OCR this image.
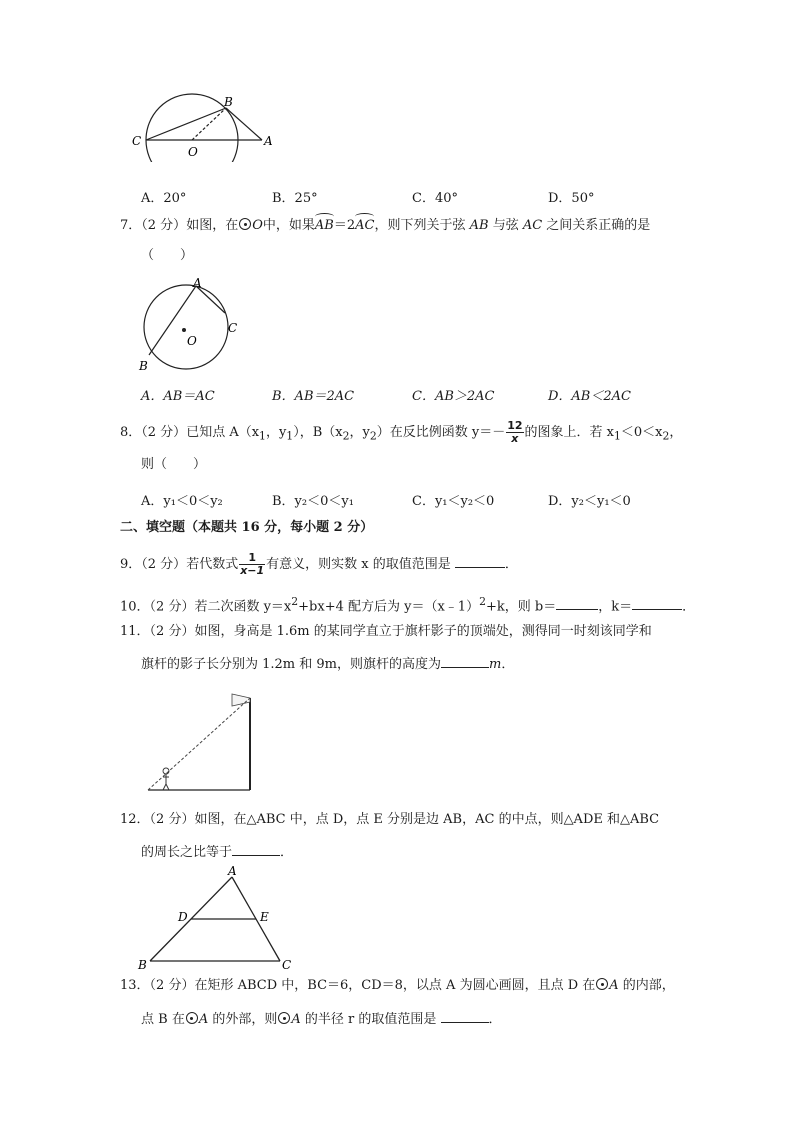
C
B
O
A
A．20°	B．25°	C．40°	D．50°
7．（2 分）如图，在 O中，如果AB＝2AC，则下列关于弦 AB 与弦 AC 之间关系正确的是
（　　）
A
B
C
O
A．AB＝AC	B．AB＝2AC	C．AB＞2AC	D．AB＜2AC
8．（2 分）已知点 $A(x_1$，$y_1$），$B(x_2$，$y_2$）在反比例函数 $y=- \frac{12}{x}$ 的图象上．若 $x_1<0<x_2$，
则（　　）
A．y₁＜0＜y₂	B．y₂＜0＜y₁	C．y₁＜y₂＜0	D．y₂＜y₁＜0
二、填空题（本题共 16 分，每小题 2 分）
9．（2 分）若代数式 $\frac{1}{x-1}$ 有意义，则实数 x 的取值范围是	．
10．（2 分）若二次函数 $y=x^2+bx+4$ 配方后为 y＝（x﹣1）$^2$+k，则 b＝	，k＝	．
11．（2 分）如图，身高是 1.6m 的某同学直立于旗杆影子的顶端处，测得同一时刻该同学和
旗杆的影子长分别为 1.2m 和 9m，则旗杆的高度为	m．
12．（2 分）如图，在△ABC 中，点 D，点 E 分别是边 AB，AC 的中点，则△ADE 和△ABC
的周长之比等于	．
A
B	C
D	E
13．（2 分）在矩形 ABCD 中，BC＝6，CD＝8，以点 A 为圆心画圆，且点 D 在 A 的内部，
点 B 在 A 的外部，则 A 的半径 r 的取值范围是	．
